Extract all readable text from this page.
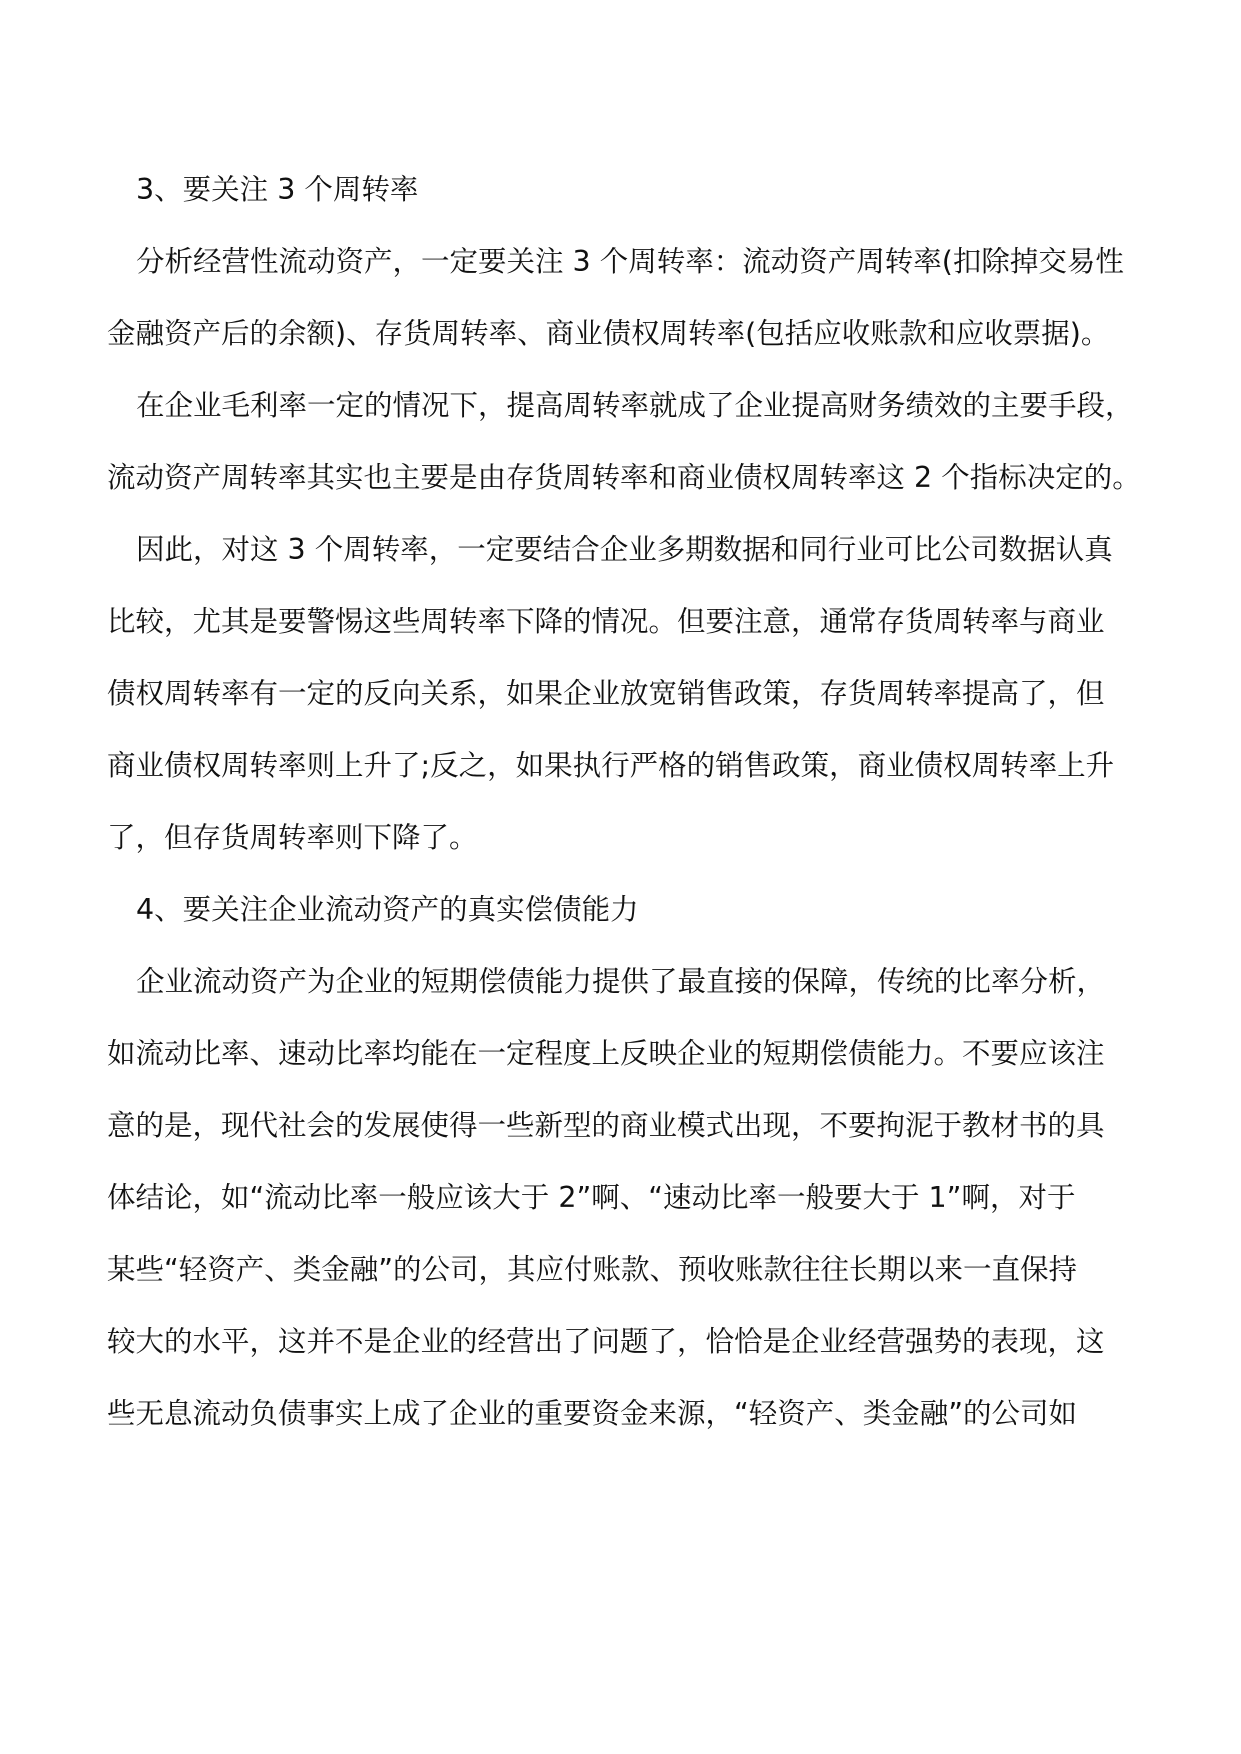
3、要关注 3 个周转率
分析经营性流动资产，一定要关注 3 个周转率：流动资产周转率(扣除掉交易性
金融资产后的余额)、存货周转率、商业债权周转率(包括应收账款和应收票据)。
在企业毛利率一定的情况下，提高周转率就成了企业提高财务绩效的主要手段，
流动资产周转率其实也主要是由存货周转率和商业债权周转率这 2 个指标决定的。
因此，对这 3 个周转率，一定要结合企业多期数据和同行业可比公司数据认真
比较，尤其是要警惕这些周转率下降的情况。但要注意，通常存货周转率与商业
债权周转率有一定的反向关系，如果企业放宽销售政策，存货周转率提高了，但
商业债权周转率则上升了;反之，如果执行严格的销售政策，商业债权周转率上升
了，但存货周转率则下降了。
4、要关注企业流动资产的真实偿债能力
企业流动资产为企业的短期偿债能力提供了最直接的保障，传统的比率分析，
如流动比率、速动比率均能在一定程度上反映企业的短期偿债能力。不要应该注
意的是，现代社会的发展使得一些新型的商业模式出现，不要拘泥于教材书的具
体结论，如“流动比率一般应该大于 2”啊、“速动比率一般要大于 1”啊，对于
某些“轻资产、类金融”的公司，其应付账款、预收账款往往长期以来一直保持
较大的水平，这并不是企业的经营出了问题了，恰恰是企业经营强势的表现，这
些无息流动负债事实上成了企业的重要资金来源，“轻资产、类金融”的公司如
